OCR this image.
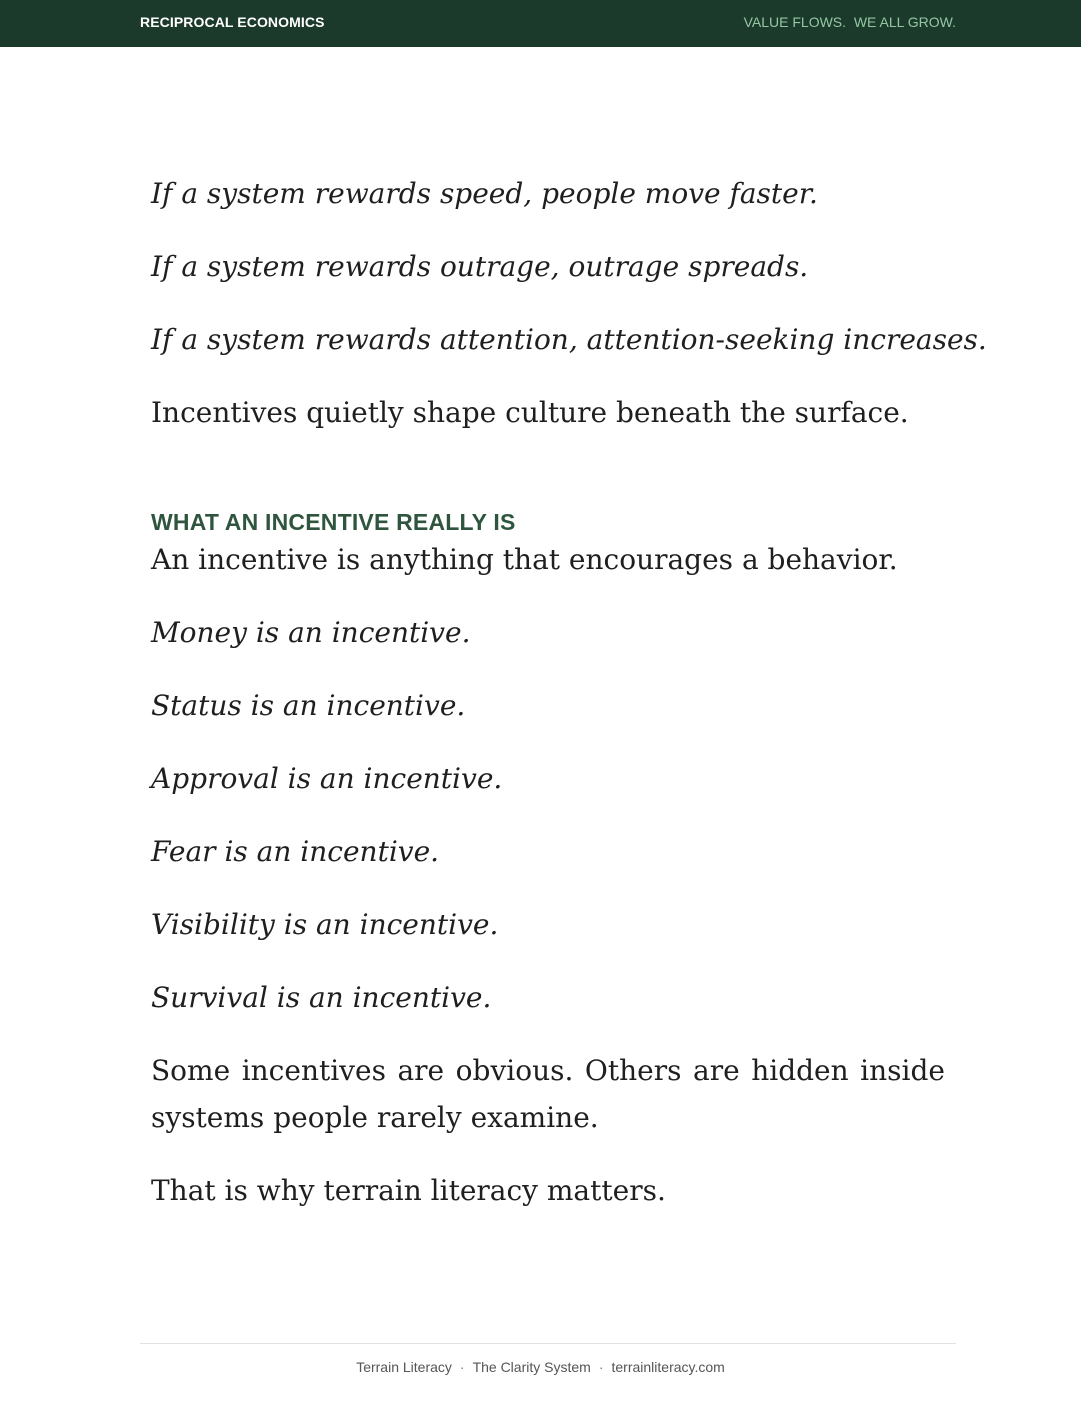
RECIPROCAL ECONOMICS	VALUE FLOWS.  WE ALL GROW.

If a system rewards speed, people move faster.

If a system rewards outrage, outrage spreads.

If a system rewards attention, attention-seeking increases.

Incentives quietly shape culture beneath the surface.

WHAT AN INCENTIVE REALLY IS

An incentive is anything that encourages a behavior.

Money is an incentive.

Status is an incentive.

Approval is an incentive.

Fear is an incentive.

Visibility is an incentive.

Survival is an incentive.

Some incentives are obvious. Others are hidden inside systems people rarely examine.

That is why terrain literacy matters.

Terrain Literacy · The Clarity System · terrainliteracy.com
